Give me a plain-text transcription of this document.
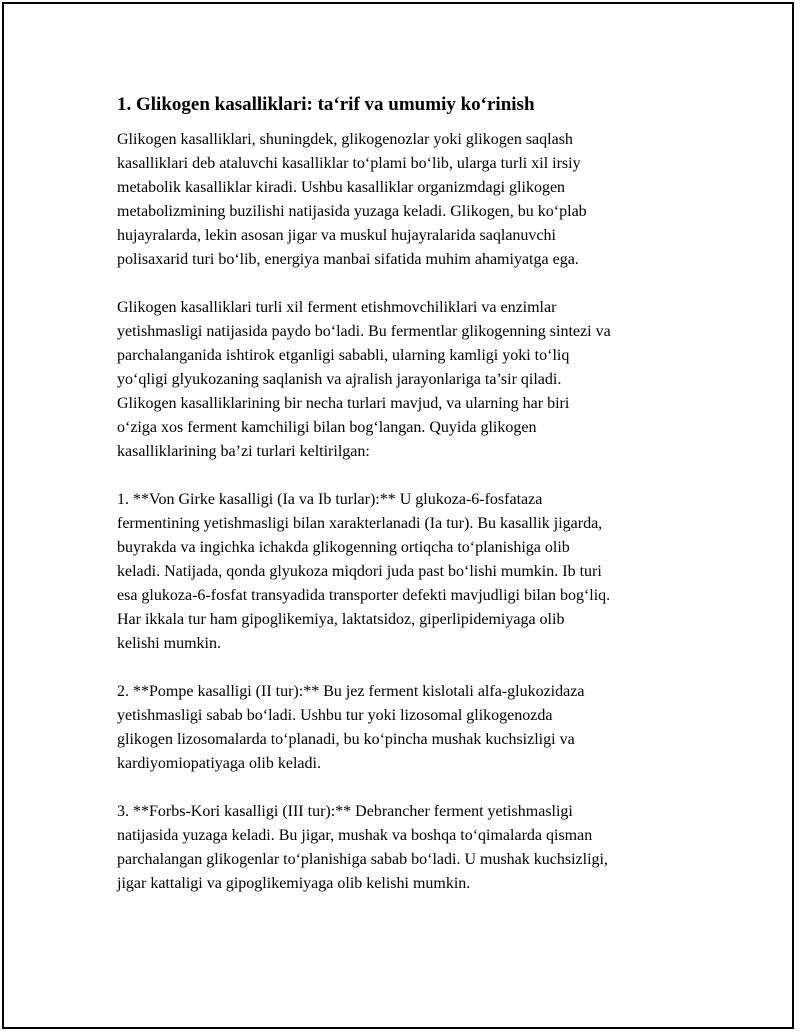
1. Glikogen kasalliklari: ta‘rif va umumiy ko‘rinish

Glikogen kasalliklari, shuningdek, glikogenozlar yoki glikogen saqlash
kasalliklari deb ataluvchi kasalliklar to‘plami bo‘lib, ularga turli xil irsiy
metabolik kasalliklar kiradi. Ushbu kasalliklar organizmdagi glikogen
metabolizmining buzilishi natijasida yuzaga keladi. Glikogen, bu ko‘plab
hujayralarda, lekin asosan jigar va muskul hujayralarida saqlanuvchi
polisaxarid turi bo‘lib, energiya manbai sifatida muhim ahamiyatga ega.

Glikogen kasalliklari turli xil ferment etishmovchiliklari va enzimlar
yetishmasligi natijasida paydo bo‘ladi. Bu fermentlar glikogenning sintezi va
parchalanganida ishtirok etganligi sababli, ularning kamligi yoki to‘liq
yo‘qligi glyukozaning saqlanish va ajralish jarayonlariga ta’sir qiladi.
Glikogen kasalliklarining bir necha turlari mavjud, va ularning har biri
o‘ziga xos ferment kamchiligi bilan bog‘langan. Quyida glikogen
kasalliklarining ba’zi turlari keltirilgan:

1. **Von Girke kasalligi (Ia va Ib turlar):** U glukoza-6-fosfataza
fermentining yetishmasligi bilan xarakterlanadi (Ia tur). Bu kasallik jigarda,
buyrakda va ingichka ichakda glikogenning ortiqcha to‘planishiga olib
keladi. Natijada, qonda glyukoza miqdori juda past bo‘lishi mumkin. Ib turi
esa glukoza-6-fosfat transyadida transporter defekti mavjudligi bilan bog‘liq.
Har ikkala tur ham gipoglikemiya, laktatsidoz, giperlipidemiyaga olib
kelishi mumkin.

2. **Pompe kasalligi (II tur):** Bu jez ferment kislotali alfa-glukozidaza
yetishmasligi sabab bo‘ladi. Ushbu tur yoki lizosomal glikogenozda
glikogen lizosomalarda to‘planadi, bu ko‘pincha mushak kuchsizligi va
kardiyomiopatiyaga olib keladi.

3. **Forbs-Kori kasalligi (III tur):** Debrancher ferment yetishmasligi
natijasida yuzaga keladi. Bu jigar, mushak va boshqa to‘qimalarda qisman
parchalangan glikogenlar to‘planishiga sabab bo‘ladi. U mushak kuchsizligi,
jigar kattaligi va gipoglikemiyaga olib kelishi mumkin.
